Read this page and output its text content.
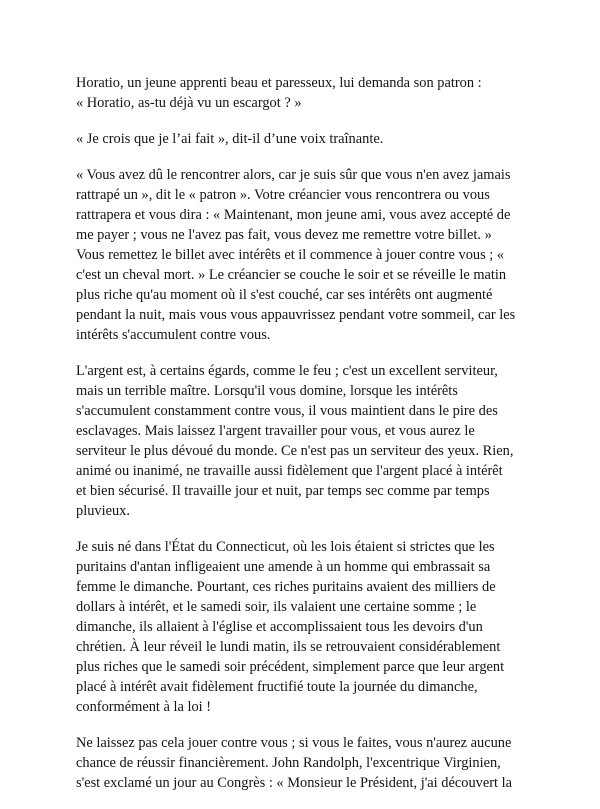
Horatio, un jeune apprenti beau et paresseux, lui demanda son patron :
« Horatio, as-tu déjà vu un escargot ? »
« Je crois que je l’ai fait », dit-il d’une voix traînante.
« Vous avez dû le rencontrer alors, car je suis sûr que vous n'en avez jamais
rattrapé un », dit le « patron ». Votre créancier vous rencontrera ou vous
rattrapera et vous dira : « Maintenant, mon jeune ami, vous avez accepté de
me payer ; vous ne l'avez pas fait, vous devez me remettre votre billet. »
Vous remettez le billet avec intérêts et il commence à jouer contre vous ; «
c'est un cheval mort. » Le créancier se couche le soir et se réveille le matin
plus riche qu'au moment où il s'est couché, car ses intérêts ont augmenté
pendant la nuit, mais vous vous appauvrissez pendant votre sommeil, car les
intérêts s'accumulent contre vous.
L'argent est, à certains égards, comme le feu ; c'est un excellent serviteur,
mais un terrible maître. Lorsqu'il vous domine, lorsque les intérêts
s'accumulent constamment contre vous, il vous maintient dans le pire des
esclavages. Mais laissez l'argent travailler pour vous, et vous aurez le
serviteur le plus dévoué du monde. Ce n'est pas un serviteur des yeux. Rien,
animé ou inanimé, ne travaille aussi fidèlement que l'argent placé à intérêt
et bien sécurisé. Il travaille jour et nuit, par temps sec comme par temps
pluvieux.
Je suis né dans l'État du Connecticut, où les lois étaient si strictes que les
puritains d'antan infligeaient une amende à un homme qui embrassait sa
femme le dimanche. Pourtant, ces riches puritains avaient des milliers de
dollars à intérêt, et le samedi soir, ils valaient une certaine somme ; le
dimanche, ils allaient à l'église et accomplissaient tous les devoirs d'un
chrétien. À leur réveil le lundi matin, ils se retrouvaient considérablement
plus riches que le samedi soir précédent, simplement parce que leur argent
placé à intérêt avait fidèlement fructifié toute la journée du dimanche,
conformément à la loi !
Ne laissez pas cela jouer contre vous ; si vous le faites, vous n'aurez aucune
chance de réussir financièrement. John Randolph, l'excentrique Virginien,
s'est exclamé un jour au Congrès : « Monsieur le Président, j'ai découvert la
